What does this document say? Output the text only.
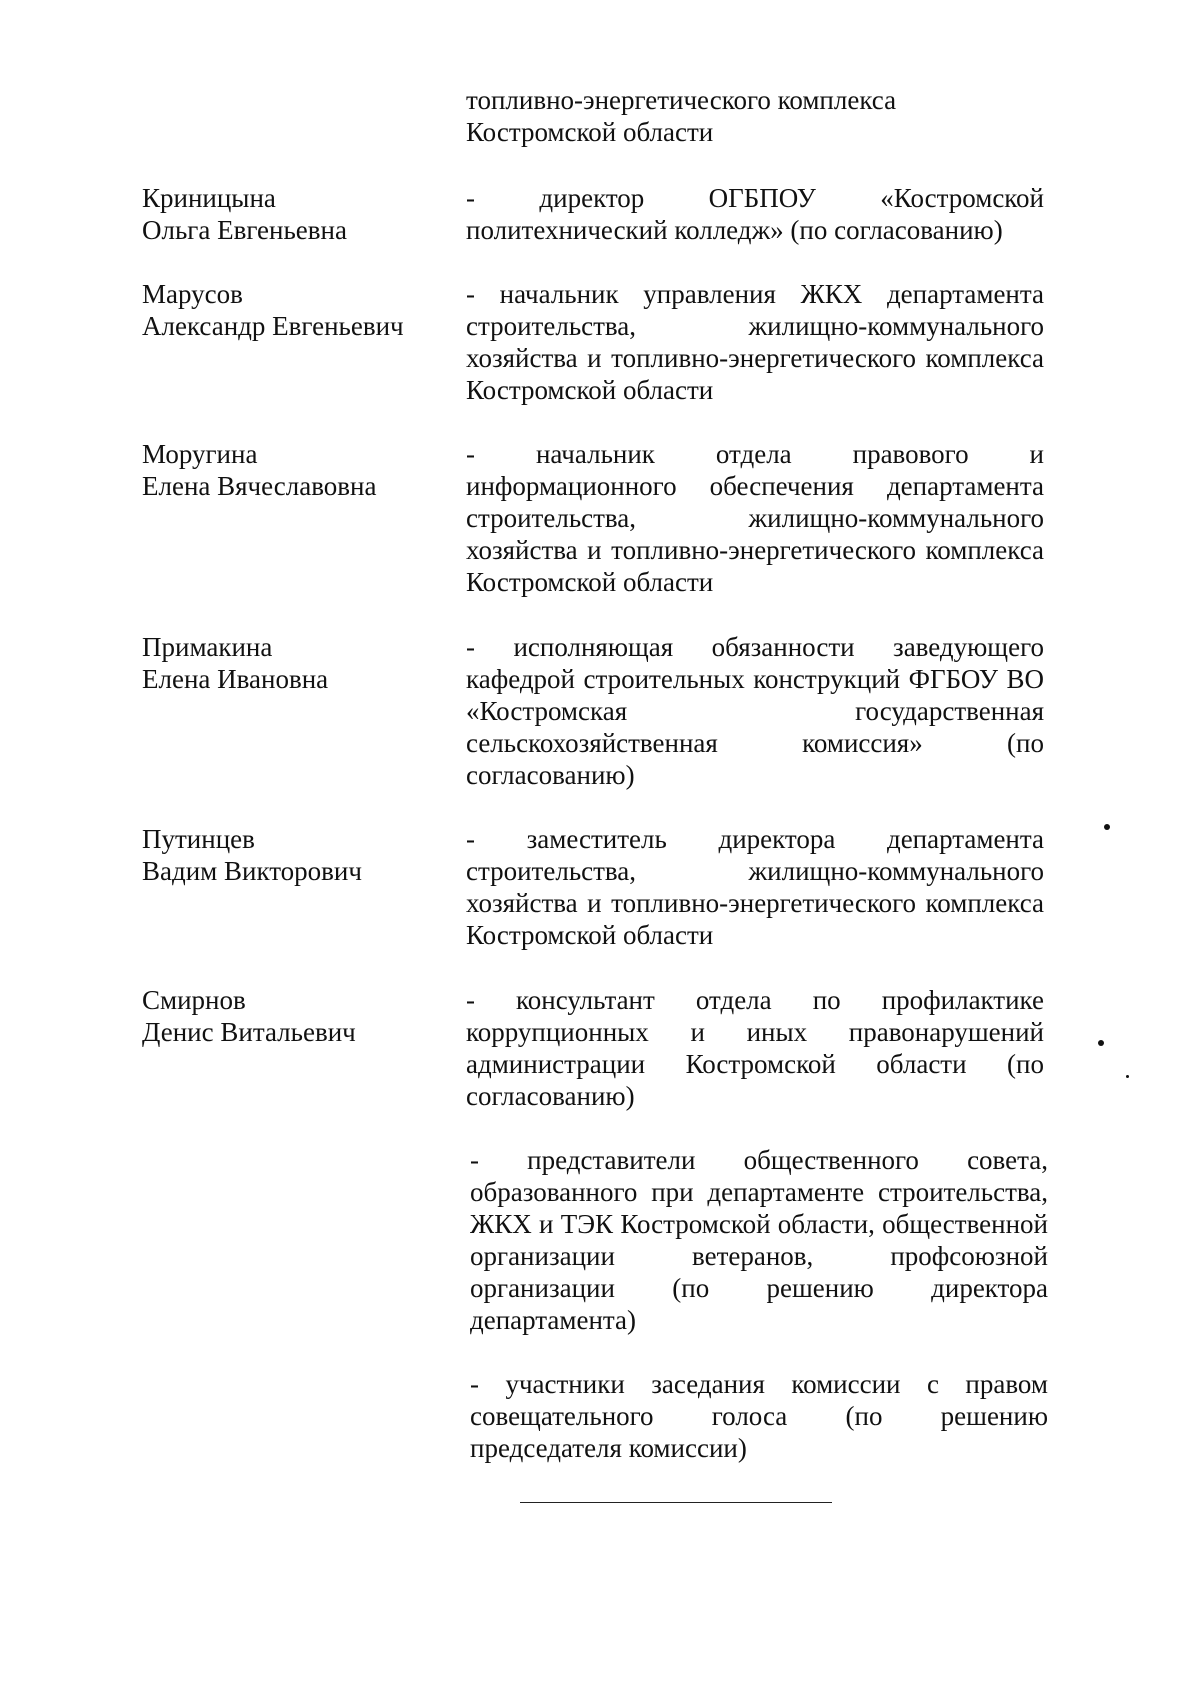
топливно-энергетического комплекса Костромской области
Криницына
Ольга Евгеньевна
- директор ОГБПОУ «Костромской политехнический колледж» (по согласованию)
Марусов
Александр Евгеньевич
- начальник управления ЖКХ департамента строительства, жилищно-коммунального хозяйства и топливно-энергетического комплекса Костромской области
Моругина
Елена Вячеславовна
- начальник отдела правового и информационного обеспечения департамента строительства, жилищно-коммунального хозяйства и топливно-энергетического комплекса Костромской области
Примакина
Елена Ивановна
- исполняющая обязанности заведующего кафедрой строительных конструкций ФГБОУ ВО «Костромская государственная сельскохозяйственная комиссия» (по согласованию)
Путинцев
Вадим Викторович
- заместитель директора департамента строительства, жилищно-коммунального хозяйства и топливно-энергетического комплекса Костромской области
Смирнов
Денис Витальевич
- консультант отдела по профилактике коррупционных и иных правонарушений администрации Костромской области (по согласованию)
- представители общественного совета, образованного при департаменте строительства, ЖКХ и ТЭК Костромской области, общественной организации ветеранов, профсоюзной организации (по решению директора департамента)
- участники заседания комиссии с правом совещательного голоса (по решению председателя комиссии)
